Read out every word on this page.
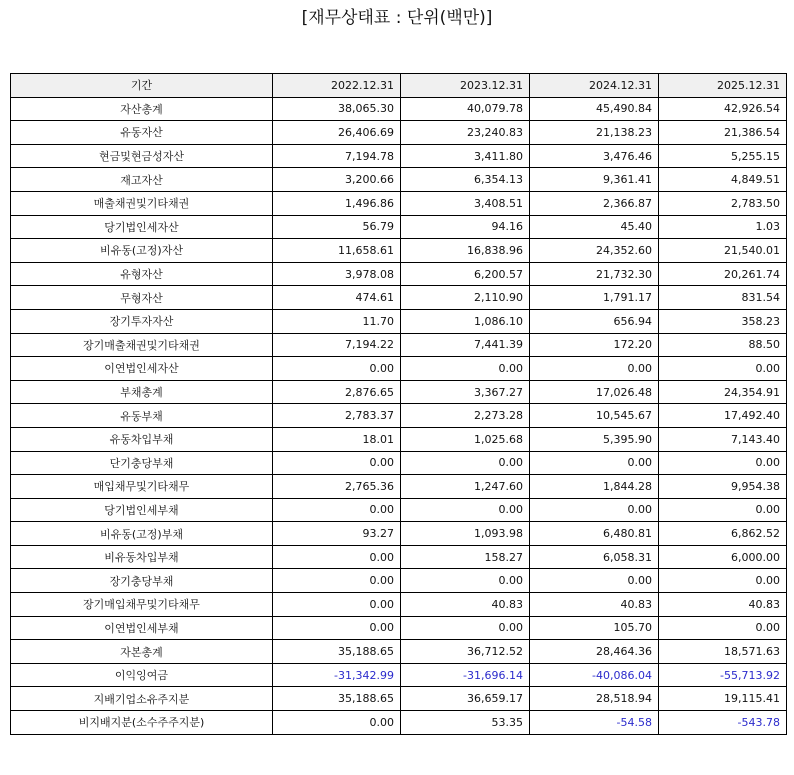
[재무상태표 : 단위(백만)]
기간	2022.12.31	2023.12.31	2024.12.31	2025.12.31
자산총계	38,065.30	40,079.78	45,490.84	42,926.54
유동자산	26,406.69	23,240.83	21,138.23	21,386.54
현금및현금성자산	7,194.78	3,411.80	3,476.46	5,255.15
재고자산	3,200.66	6,354.13	9,361.41	4,849.51
매출채권및기타채권	1,496.86	3,408.51	2,366.87	2,783.50
당기법인세자산	56.79	94.16	45.40	1.03
비유동(고정)자산	11,658.61	16,838.96	24,352.60	21,540.01
유형자산	3,978.08	6,200.57	21,732.30	20,261.74
무형자산	474.61	2,110.90	1,791.17	831.54
장기투자자산	11.70	1,086.10	656.94	358.23
장기매출채권및기타채권	7,194.22	7,441.39	172.20	88.50
이연법인세자산	0.00	0.00	0.00	0.00
부채총계	2,876.65	3,367.27	17,026.48	24,354.91
유동부채	2,783.37	2,273.28	10,545.67	17,492.40
유동차입부채	18.01	1,025.68	5,395.90	7,143.40
단기충당부채	0.00	0.00	0.00	0.00
매입채무및기타채무	2,765.36	1,247.60	1,844.28	9,954.38
당기법인세부채	0.00	0.00	0.00	0.00
비유동(고정)부채	93.27	1,093.98	6,480.81	6,862.52
비유동차입부채	0.00	158.27	6,058.31	6,000.00
장기충당부채	0.00	0.00	0.00	0.00
장기매입채무및기타채무	0.00	40.83	40.83	40.83
이연법인세부채	0.00	0.00	105.70	0.00
자본총계	35,188.65	36,712.52	28,464.36	18,571.63
이익잉여금	-31,342.99	-31,696.14	-40,086.04	-55,713.92
지배기업소유주지분	35,188.65	36,659.17	28,518.94	19,115.41
비지배지분(소수주주지분)	0.00	53.35	-54.58	-543.78
